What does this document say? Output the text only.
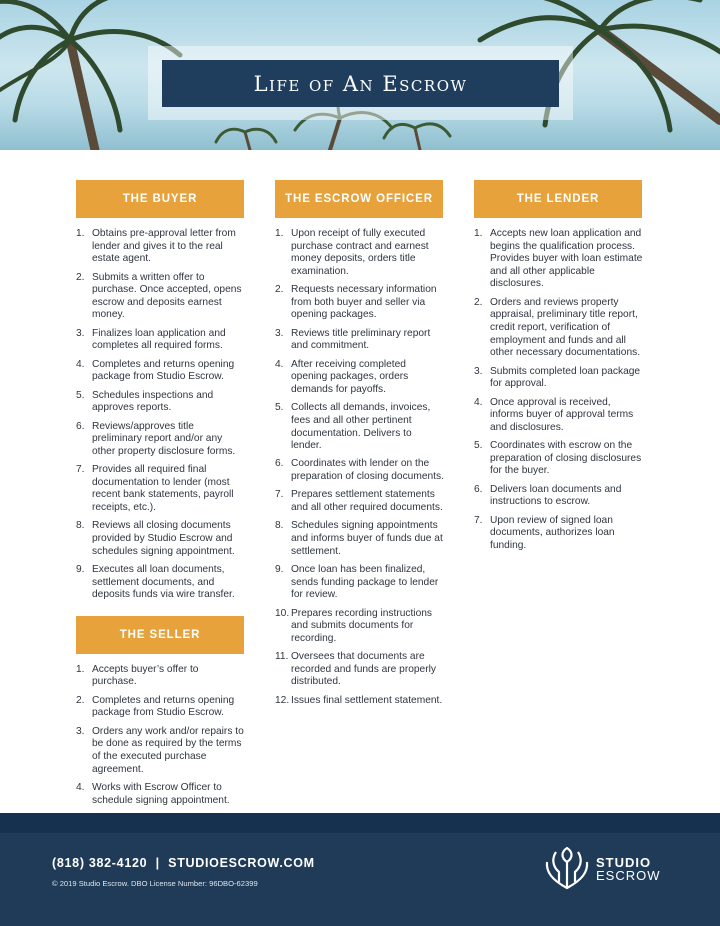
Life of An Escrow
THE BUYER
1. Obtains pre-approval letter from lender and gives it to the real estate agent.
2. Submits a written offer to purchase. Once accepted, opens escrow and deposits earnest money.
3. Finalizes loan application and completes all required forms.
4. Completes and returns opening package from Studio Escrow.
5. Schedules inspections and approves reports.
6. Reviews/approves title preliminary report and/or any other property disclosure forms.
7. Provides all required final documentation to lender (most recent bank statements, payroll receipts, etc.).
8. Reviews all closing documents provided by Studio Escrow and schedules signing appointment.
9. Executes all loan documents, settlement documents, and deposits funds via wire transfer.
THE SELLER
1. Accepts buyer’s offer to purchase.
2. Completes and returns opening package from Studio Escrow.
3. Orders any work and/or repairs to be done as required by the terms of the executed purchase agreement.
4. Works with Escrow Officer to schedule signing appointment.
THE ESCROW OFFICER
1. Upon receipt of fully executed purchase contract and earnest money deposits, orders title examination.
2. Requests necessary information from both buyer and seller via opening packages.
3. Reviews title preliminary report and commitment.
4. After receiving completed opening packages, orders demands for payoffs.
5. Collects all demands, invoices, fees and all other pertinent documentation. Delivers to lender.
6. Coordinates with lender on the preparation of closing documents.
7. Prepares settlement statements and all other required documents.
8. Schedules signing appointments and informs buyer of funds due at settlement.
9. Once loan has been finalized, sends funding package to lender for review.
10. Prepares recording instructions and submits documents for recording.
11. Oversees that documents are recorded and funds are properly distributed.
12. Issues final settlement statement.
THE LENDER
1. Accepts new loan application and begins the qualification process. Provides buyer with loan estimate and all other applicable disclosures.
2. Orders and reviews property appraisal, preliminary title report, credit report, verification of employment and funds and all other necessary documentations.
3. Submits completed loan package for approval.
4. Once approval is received, informs buyer of approval terms and disclosures.
5. Coordinates with escrow on the preparation of closing disclosures for the buyer.
6. Delivers loan documents and instructions to escrow.
7. Upon review of signed loan documents, authorizes loan funding.
(818) 382-4120  |  STUDIOESCROW.COM
© 2019 Studio Escrow. DBO License Number: 96DBO-62399
STUDIO
ESCROW
